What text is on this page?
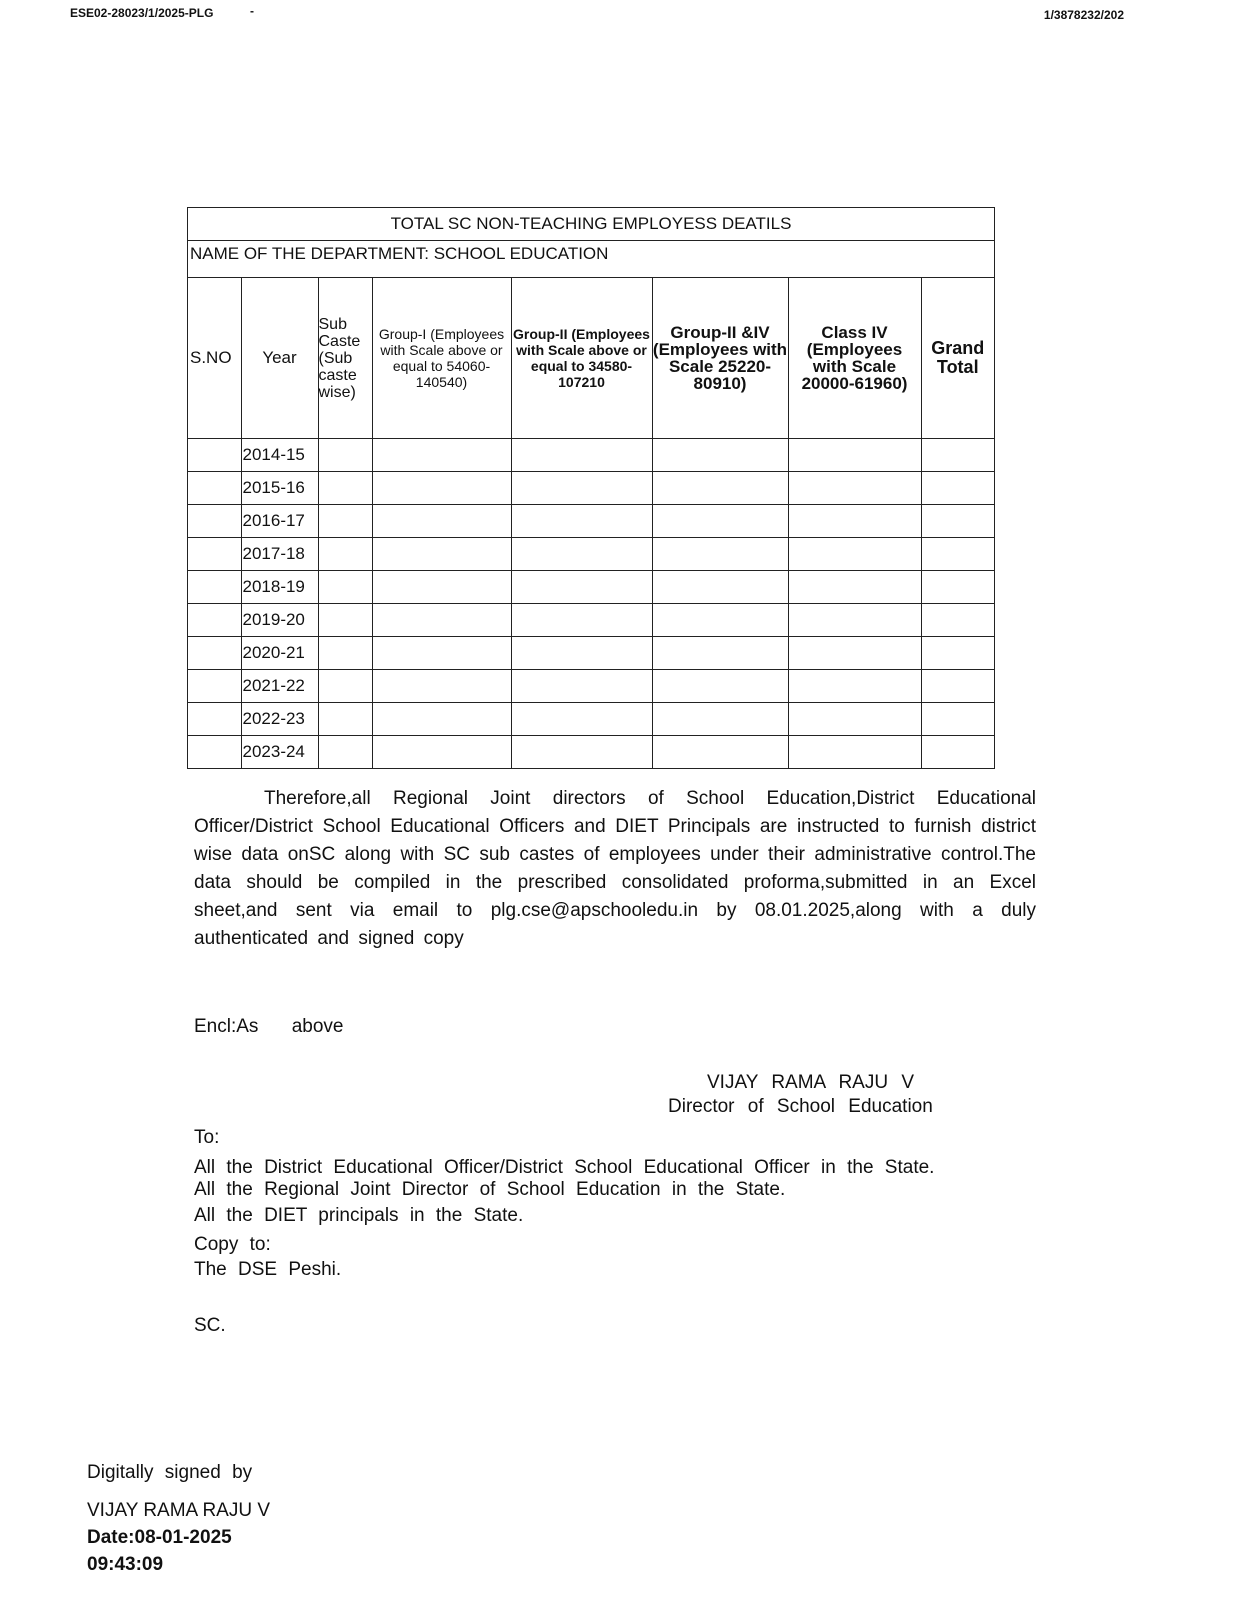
ESE02-28023/1/2025-PLG	-	1/3878232/202
TOTAL SC NON-TEACHING EMPLOYESS DEATILS
NAME OF THE DEPARTMENT: SCHOOL EDUCATION
S.NO	Year	Sub Caste (Sub caste wise)	Group-I (Employees with Scale above or equal to 54060-140540)	Group-II (Employees with Scale above or equal to 34580-107210	Group-II &IV (Employees with Scale 25220-80910)	Class IV (Employees with Scale 20000-61960)	Grand Total
	2014-15						
	2015-16						
	2016-17						
	2017-18						
	2018-19						
	2019-20						
	2020-21						
	2021-22						
	2022-23						
	2023-24						
Therefore,all Regional Joint directors of School Education,District Educational Officer/District School Educational Officers and DIET Principals are instructed to furnish district wise data onSC along with SC sub castes of employees under their administrative control.The data should be compiled in the prescribed consolidated proforma,submitted in an Excel sheet,and sent via email to plg.cse@apschooledu.in by 08.01.2025,along with a duly authenticated and signed copy
Encl:As above
VIJAY RAMA RAJU V
Director of School Education
To:
All the District Educational Officer/District School Educational Officer in the State.
All the Regional Joint Director of School Education in the State.
All the DIET principals in the State.
Copy to:
The DSE Peshi.
SC.
Digitally signed by
VIJAY RAMA RAJU V
Date:08-01-2025
09:43:09
